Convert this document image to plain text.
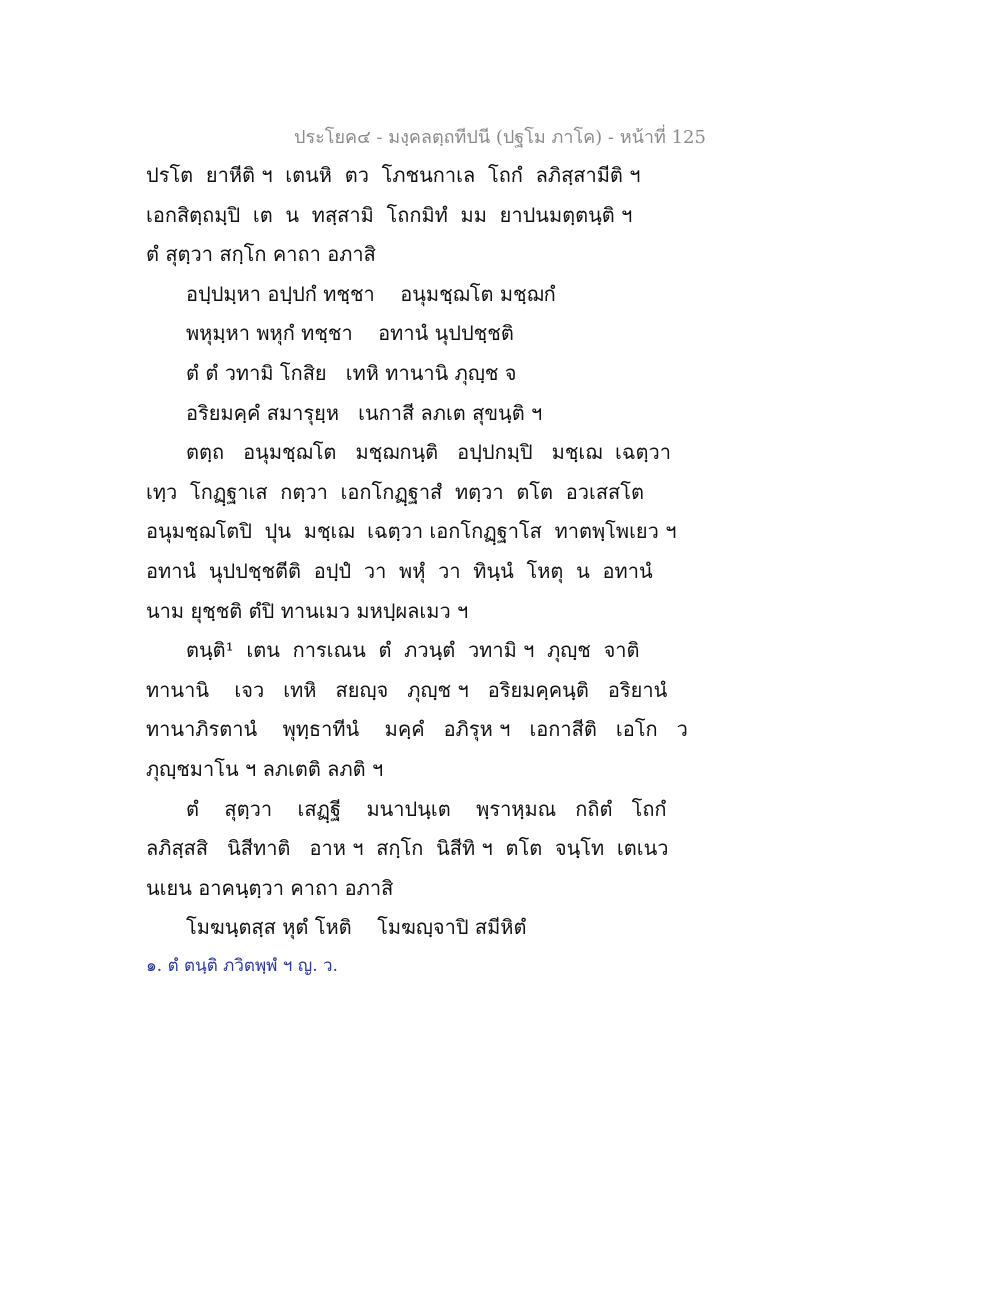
ประโยค๔ - มงฺคลตฺถทีปนี (ปฐโม ภาโค) - หน้าที่ 125
ปรโต  ยาหีติ ฯ  เตนหิ  ตว  โภชนกาเล  โถกํ  ลภิสฺสามีติ ฯ
เอกสิตฺถมฺปิ  เต  น  ทสฺสามิ  โถกมิทํ  มม  ยาปนมตฺตนฺติ ฯ
ตํ สุตฺวา สกฺโก คาถา อภาสิ
อปฺปมฺหา อปฺปกํ ทชฺชา    อนุมชฺฌโต มชฺฌกํ
พหุมฺหา พหุกํ ทชฺชา    อทานํ นุปปชฺชติ
ตํ ตํ วทามิ โกสิย   เทหิ ทานานิ ภุญฺช จ
อริยมคฺคํ สมารุยฺห   เนกาสี ลภเต สุขนฺติ ฯ
ตตฺถ   อนุมชฺฌโต   มชฺฌกนฺติ   อปฺปกมฺปิ   มชฺเฌ  เฉตฺวา
เทฺว  โกฏฺฐาเส  กตฺวา  เอกโกฏฺฐาสํ  ทตฺวา  ตโต  อวเสสโต
อนุมชฺฌโตปิ  ปุน  มชฺเฌ  เฉตฺวา เอกโกฏฺฐาโส  ทาตพฺโพเยว ฯ
อทานํ  นุปปชฺชตีติ  อปฺปํ  วา  พหุํ  วา  ทินฺนํ  โหตุ  น  อทานํ
นาม ยุชฺชติ ตํปิ ทานเมว มหปฺผลเมว ฯ
ตนฺติ¹  เตน  การเณน  ตํ  ภวนฺตํ  วทามิ ฯ  ภุญฺช  จาติ
ทานานิ    เจว   เทหิ   สยญฺจ   ภุญฺช ฯ   อริยมคฺคนฺติ   อริยานํ
ทานาภิรตานํ    พุทฺธาทีนํ    มคฺคํ   อภิรุห ฯ   เอกาสีติ   เอโก   ว
ภุญฺชมาโน ฯ ลภเตติ ลภติ ฯ
ตํ    สุตฺวา    เสฏฺฐี    มนาปนฺเต    พฺราหฺมณ   กถิตํ   โถกํ
ลภิสฺสสิ   นิสีทาติ   อาห ฯ  สกฺโก  นิสีทิ ฯ  ตโต  จนฺโท  เตเนว
นเยน อาคนฺตฺวา คาถา อภาสิ
โมฆนฺตสฺส หุตํ โหติ    โมฆญฺจาปิ สมีหิตํ
๑. ตํ ตนฺติ ภวิตพฺพํ ฯ ญ. ว.
